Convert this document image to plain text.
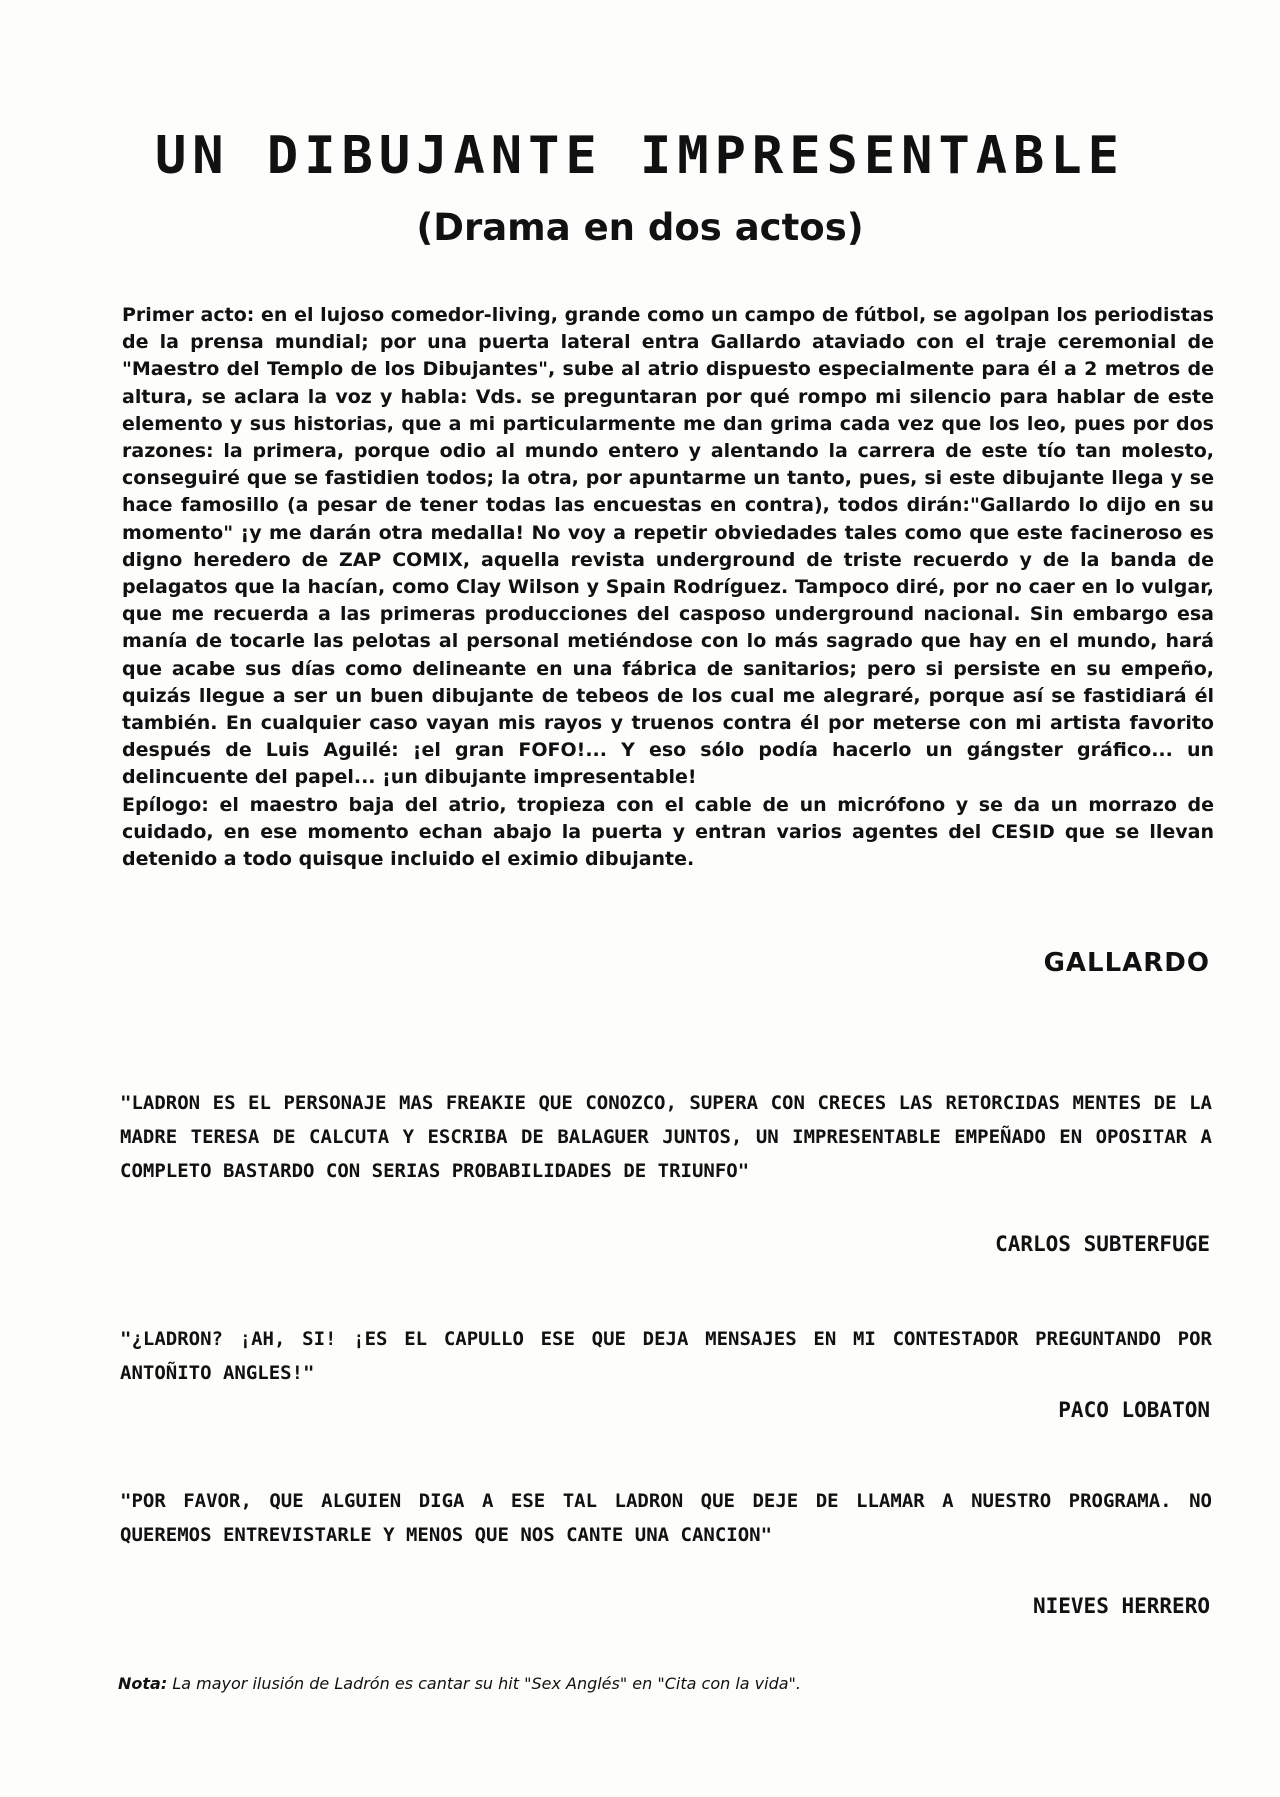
UN DIBUJANTE IMPRESENTABLE
(Drama en dos actos)

Primer acto: en el lujoso comedor-living, grande como un campo de fútbol, se agolpan los periodistas de la prensa mundial; por una puerta lateral entra Gallardo ataviado con el traje ceremonial de "Maestro del Templo de los Dibujantes", sube al atrio dispuesto especialmente para él a 2 metros de altura, se aclara la voz y habla: Vds. se preguntaran por qué rompo mi silencio para hablar de este elemento y sus historias, que a mi particularmente me dan grima cada vez que los leo, pues por dos razones: la primera, porque odio al mundo entero y alentando la carrera de este tío tan molesto, conseguiré que se fastidien todos; la otra, por apuntarme un tanto, pues, si este dibujante llega y se hace famosillo (a pesar de tener todas las encuestas en contra), todos dirán:"Gallardo lo dijo en su momento" ¡y me darán otra medalla! No voy a repetir obviedades tales como que este facineroso es digno heredero de ZAP COMIX, aquella revista underground de triste recuerdo y de la banda de pelagatos que la hacían, como Clay Wilson y Spain Rodríguez. Tampoco diré, por no caer en lo vulgar, que me recuerda a las primeras producciones del casposo underground nacional. Sin embargo esa manía de tocarle las pelotas al personal metiéndose con lo más sagrado que hay en el mundo, hará que acabe sus días como delineante en una fábrica de sanitarios; pero si persiste en su empeño, quizás llegue a ser un buen dibujante de tebeos de los cual me alegraré, porque así se fastidiará él también. En cualquier caso vayan mis rayos y truenos contra él por meterse con mi artista favorito después de Luis Aguilé: ¡el gran FOFO!... Y eso sólo podía hacerlo un gángster gráfico... un delincuente del papel... ¡un dibujante impresentable!

Epílogo: el maestro baja del atrio, tropieza con el cable de un micrófono y se da un morrazo de cuidado, en ese momento echan abajo la puerta y entran varios agentes del CESID que se llevan detenido a todo quisque incluido el eximio dibujante.

GALLARDO

"LADRON ES EL PERSONAJE MAS FREAKIE QUE CONOZCO, SUPERA CON CRECES LAS RETORCIDAS MENTES DE LA MADRE TERESA DE CALCUTA Y ESCRIBA DE BALAGUER JUNTOS, UN IMPRESENTABLE EMPEÑADO EN OPOSITAR A COMPLETO BASTARDO CON SERIAS PROBABILIDADES DE TRIUNFO"

CARLOS SUBTERFUGE

"¿LADRON? ¡AH, SI! ¡ES EL CAPULLO ESE QUE DEJA MENSAJES EN MI CONTESTADOR PREGUNTANDO POR ANTOÑITO ANGLES!"

PACO LOBATON

"POR FAVOR, QUE ALGUIEN DIGA A ESE TAL LADRON QUE DEJE DE LLAMAR A NUESTRO PROGRAMA. NO QUEREMOS ENTREVISTARLE Y MENOS QUE NOS CANTE UNA CANCION"

NIEVES HERRERO

Nota: La mayor ilusión de Ladrón es cantar su hit "Sex Anglés" en "Cita con la vida".
